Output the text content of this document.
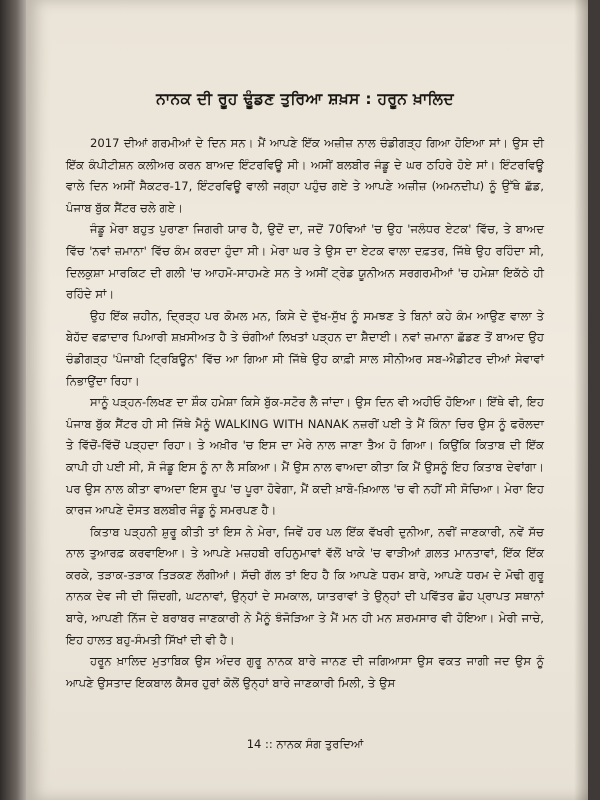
ਨਾਨਕ ਦੀ ਰੂਹ ਢੂੰਡਣ ਤੁਰਿਆ ਸ਼ਖ਼ਸ : ਹਰੂਨ ਖ਼ਾਲਿਦ

2017 ਦੀਆਂ ਗਰਮੀਆਂ ਦੇ ਦਿਨ ਸਨ। ਮੈਂ ਆਪਣੇ ਇੱਕ ਅਜ਼ੀਜ਼ ਨਾਲ ਚੰਡੀਗੜ੍ਹ ਗਿਆ ਹੋਇਆ ਸਾਂ। ਉਸ ਦੀ ਇੱਕ ਕੰਪੀਟੀਸ਼ਨ ਕਲੀਅਰ ਕਰਨ ਬਾਅਦ ਇੰਟਰਵਿਊ ਸੀ। ਅਸੀਂ ਬਲਬੀਰ ਜੰਡੂ ਦੇ ਘਰ ਠਹਿਰੇ ਹੋਏ ਸਾਂ। ਇੰਟਰਵਿਊ ਵਾਲੇ ਦਿਨ ਅਸੀਂ ਸੈਕਟਰ-17, ਇੰਟਰਵਿਊ ਵਾਲੀ ਜਗ੍ਹਾ ਪਹੁੰਚ ਗਏ ਤੇ ਆਪਣੇ ਅਜ਼ੀਜ਼ (ਅਮਨਦੀਪ) ਨੂੰ ਉੱਥੇ ਛੱਡ, ਪੰਜਾਬ ਬੁੱਕ ਸੈਂਟਰ ਚਲੇ ਗਏ।

ਜੰਡੂ ਮੇਰਾ ਬਹੁਤ ਪੁਰਾਣਾ ਜਿਗਰੀ ਯਾਰ ਹੈ, ਉਦੋਂ ਦਾ, ਜਦੋਂ 70ਵਿਆਂ 'ਚ ਉਹ 'ਜਲੰਧਰ ਏਟਕ' ਵਿੱਚ, ਤੇ ਬਾਅਦ ਵਿੱਚ 'ਨਵਾਂ ਜ਼ਮਾਨਾ' ਵਿੱਚ ਕੰਮ ਕਰਦਾ ਹੁੰਦਾ ਸੀ। ਮੇਰਾ ਘਰ ਤੇ ਉਸ ਦਾ ਏਟਕ ਵਾਲਾ ਦਫ਼ਤਰ, ਜਿੱਥੇ ਉਹ ਰਹਿੰਦਾ ਸੀ, ਦਿਲਕੁਸ਼ਾ ਮਾਰਕਿਟ ਦੀ ਗਲੀ 'ਚ ਆਹਮੋ-ਸਾਹਮਣੇ ਸਨ ਤੇ ਅਸੀਂ ਟ੍ਰੇਡ ਯੂਨੀਅਨ ਸਰਗਰਮੀਆਂ 'ਚ ਹਮੇਸ਼ਾ ਇਕੱਠੇ ਹੀ ਰਹਿੰਦੇ ਸਾਂ।

ਉਹ ਇੱਕ ਜ਼ਹੀਨ, ਦ੍ਰਿੜ੍ਹ ਪਰ ਕੋਮਲ ਮਨ, ਕਿਸੇ ਦੇ ਦੁੱਖ-ਸੁੱਖ ਨੂੰ ਸਮਝਣ ਤੇ ਬਿਨਾਂ ਕਹੇ ਕੰਮ ਆਉਣ ਵਾਲਾ ਤੇ ਬੇਹੱਦ ਵਫ਼ਾਦਾਰ ਪਿਆਰੀ ਸ਼ਖ਼ਸੀਅਤ ਹੈ ਤੇ ਚੰਗੀਆਂ ਲਿਖਤਾਂ ਪੜ੍ਹਨ ਦਾ ਸ਼ੈਦਾਈ। ਨਵਾਂ ਜ਼ਮਾਨਾ ਛੱਡਣ ਤੋਂ ਬਾਅਦ ਉਹ ਚੰਡੀਗੜ੍ਹ 'ਪੰਜਾਬੀ ਟ੍ਰਿਬਿਊਨ' ਵਿੱਚ ਆ ਗਿਆ ਸੀ ਜਿੱਥੇ ਉਹ ਕਾਫ਼ੀ ਸਾਲ ਸੀਨੀਅਰ ਸਬ-ਐਡੀਟਰ ਦੀਆਂ ਸੇਵਾਵਾਂ ਨਿਭਾਉਂਦਾ ਰਿਹਾ।

ਸਾਨੂੰ ਪੜ੍ਹਨ-ਲਿਖਣ ਦਾ ਸ਼ੌਕ ਹਮੇਸ਼ਾ ਕਿਸੇ ਬੁੱਕ-ਸਟੋਰ ਲੈ ਜਾਂਦਾ। ਉਸ ਦਿਨ ਵੀ ਅਹੀਓ ਹੋਇਆ। ਇੱਥੇ ਵੀ, ਇਹ ਪੰਜਾਬ ਬੁੱਕ ਸੈਂਟਰ ਹੀ ਸੀ ਜਿੱਥੇ ਮੈਨੂੰ WALKING WITH NANAK ਨਜ਼ਰੀਂ ਪਈ ਤੇ ਮੈਂ ਕਿੰਨਾ ਚਿਰ ਉਸ ਨੂੰ ਫਰੋਲਦਾ ਤੇ ਵਿੱਚੋਂ-ਵਿੱਚੋਂ ਪੜ੍ਹਦਾ ਰਿਹਾ। ਤੇ ਅਖ਼ੀਰ 'ਚ ਇਸ ਦਾ ਮੇਰੇ ਨਾਲ ਜਾਣਾ ਤੈਅ ਹੋ ਗਿਆ। ਕਿਉਂਕਿ ਕਿਤਾਬ ਦੀ ਇੱਕ ਕਾਪੀ ਹੀ ਪਈ ਸੀ, ਸੋ ਜੰਡੂ ਇਸ ਨੂੰ ਨਾ ਲੈ ਸਕਿਆ। ਮੈਂ ਉਸ ਨਾਲ ਵਾਅਦਾ ਕੀਤਾ ਕਿ ਮੈਂ ਉਸਨੂੰ ਇਹ ਕਿਤਾਬ ਦੇਵਾਂਗਾ। ਪਰ ਉਸ ਨਾਲ ਕੀਤਾ ਵਾਅਦਾ ਇਸ ਰੂਪ 'ਚ ਪੂਰਾ ਹੋਵੇਗਾ, ਮੈਂ ਕਦੀ ਖ਼ਾਬੋ-ਖ਼ਿਆਲ 'ਚ ਵੀ ਨਹੀਂ ਸੀ ਸੋਚਿਆ। ਮੇਰਾ ਇਹ ਕਾਰਜ ਆਪਣੇ ਦੋਸਤ ਬਲਬੀਰ ਜੰਡੂ ਨੂੰ ਸਮਰਪਣ ਹੈ।

ਕਿਤਾਬ ਪੜ੍ਹਨੀ ਸ਼ੁਰੂ ਕੀਤੀ ਤਾਂ ਇਸ ਨੇ ਮੇਰਾ, ਜਿਵੇਂ ਹਰ ਪਲ ਇੱਕ ਵੱਖਰੀ ਦੁਨੀਆ, ਨਵੀਂ ਜਾਣਕਾਰੀ, ਨਵੇਂ ਸੱਚ ਨਾਲ ਤੁਆਰਫ਼ ਕਰਵਾਇਆ। ਤੇ ਆਪਣੇ ਮਜ਼ਹਬੀ ਰਹਿਨੁਮਾਵਾਂ ਵੱਲੋਂ ਖਾਕੇ 'ਚ ਵਾੜੀਆਂ ਗ਼ਲਤ ਮਾਨਤਾਵਾਂ, ਇੱਕ ਇੱਕ ਕਰਕੇ, ਤੜਾਕ-ਤੜਾਕ ਤਿੜਕਣ ਲੱਗੀਆਂ। ਸੱਚੀ ਗੱਲ ਤਾਂ ਇਹ ਹੈ ਕਿ ਆਪਣੇ ਧਰਮ ਬਾਰੇ, ਆਪਣੇ ਧਰਮ ਦੇ ਮੋਢੀ ਗੁਰੂ ਨਾਨਕ ਦੇਵ ਜੀ ਦੀ ਜ਼ਿੰਦਗੀ, ਘਟਨਾਵਾਂ, ਉਨ੍ਹਾਂ ਦੇ ਸਮਕਾਲ, ਯਾਤਰਾਵਾਂ ਤੇ ਉਨ੍ਹਾਂ ਦੀ ਪਵਿੱਤਰ ਛੋਹ ਪ੍ਰਾਪਤ ਸਥਾਨਾਂ ਬਾਰੇ, ਆਪਣੀ ਨਿੱਜ ਦੇ ਬਰਾਬਰ ਜਾਣਕਾਰੀ ਨੇ ਮੈਨੂੰ ਝੰਜੋੜਿਆ ਤੇ ਮੈਂ ਮਨ ਹੀ ਮਨ ਸ਼ਰਮਸਾਰ ਵੀ ਹੋਇਆ। ਮੇਰੀ ਜਾਚੇ, ਇਹ ਹਾਲਤ ਬਹੁ-ਸੰਮਤੀ ਸਿੱਖਾਂ ਦੀ ਵੀ ਹੈ।

ਹਰੂਨ ਖ਼ਾਲਿਦ ਮੁਤਾਬਿਕ ਉਸ ਅੰਦਰ ਗੁਰੂ ਨਾਨਕ ਬਾਰੇ ਜਾਨਣ ਦੀ ਜਗਿਆਸਾ ਉਸ ਵਕਤ ਜਾਗੀ ਜਦ ਉਸ ਨੂੰ ਆਪਣੇ ਉਸਤਾਦ ਇਕਬਾਲ ਕੈਸਰ ਹੁਰਾਂ ਕੋਲੋਂ ਉਨ੍ਹਾਂ ਬਾਰੇ ਜਾਣਕਾਰੀ ਮਿਲੀ, ਤੇ ਉਸ

14 :: ਨਾਨਕ ਸੰਗ ਤੁਰਦਿਆਂ
